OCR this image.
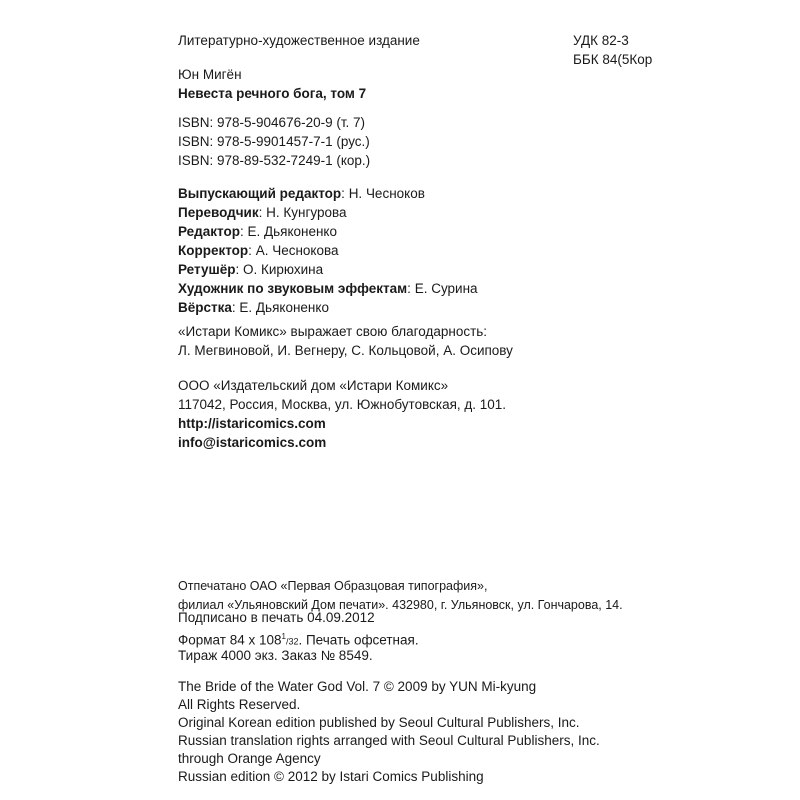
Литературно-художественное издание	УДК 82-3
ББК 84(5Кор
Юн Мигён
Невеста речного бога, том 7
ISBN: 978-5-904676-20-9 (т. 7)
ISBN: 978-5-9901457-7-1 (рус.)
ISBN: 978-89-532-7249-1 (кор.)
Выпускающий редактор: Н. Чесноков
Переводчик: Н. Кунгурова
Редактор: Е. Дьяконенко
Корректор: А. Чеснокова
Ретушёр: О. Кирюхина
Художник по звуковым эффектам: Е. Сурина
Вёрстка: Е. Дьяконенко
«Истари Комикс» выражает свою благодарность:
Л. Мегвиновой, И. Вегнеру, С. Кольцовой, А. Осипову
ООО «Издательский дом «Истари Комикс»
117042, Россия, Москва, ул. Южнобутовская, д. 101.
http://istaricomics.com
info@istaricomics.com
Отпечатано ОАО «Первая Образцовая типография»,
филиал «Ульяновский Дом печати». 432980, г. Ульяновск, ул. Гончарова, 14.
Подписано в печать 04.09.2012
Формат 84 x $108^1/32$. Печать офсетная.
Тираж 4000 экз. Заказ № 8549.
The Bride of the Water God Vol. 7 © 2009 by YUN Mi-kyung
All Rights Reserved.
Original Korean edition published by Seoul Cultural Publishers, Inc.
Russian translation rights arranged with Seoul Cultural Publishers, Inc.
through Orange Agency
Russian edition © 2012 by Istari Comics Publishing
